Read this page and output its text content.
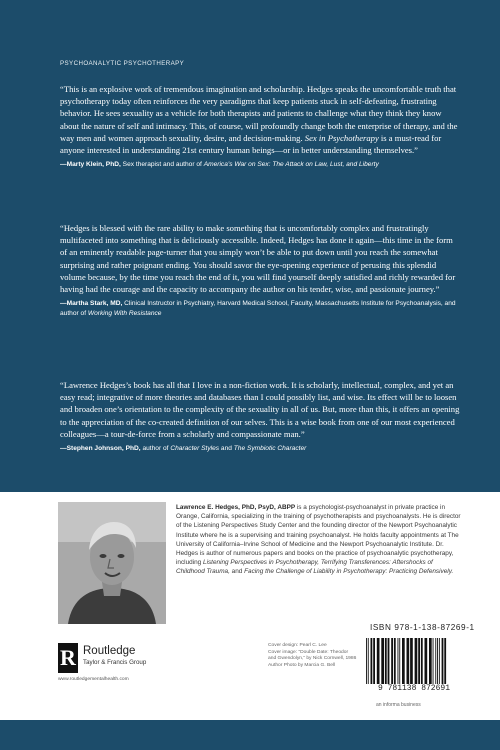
PSYCHOANALYTIC PSYCHOTHERAPY

“This is an explosive work of tremendous imagination and scholarship. Hedges speaks the uncomfortable truth that psychotherapy today often reinforces the very paradigms that keep patients stuck in self-defeating, frustrating behavior. He sees sexuality as a vehicle for both therapists and patients to challenge what they think they know about the nature of self and intimacy. This, of course, will profoundly change both the enterprise of therapy, and the way men and women approach sexuality, desire, and decision-making. Sex in Psychotherapy is a must-read for anyone interested in understanding 21st century human beings—or in better understanding themselves.”

—Marty Klein, PhD, Sex therapist and author of America’s War on Sex: The Attack on Law, Lust, and Liberty

“Hedges is blessed with the rare ability to make something that is uncomfortably complex and frustratingly multifaceted into something that is deliciously accessible. Indeed, Hedges has done it again—this time in the form of an eminently readable page-turner that you simply won’t be able to put down until you reach the somewhat surprising and rather poignant ending. You should savor the eye-opening experience of perusing this splendid volume because, by the time you reach the end of it, you will find yourself deeply satisfied and richly rewarded for having had the courage and the capacity to accompany the author on his tender, wise, and passionate journey.”

—Martha Stark, MD, Clinical Instructor in Psychiatry, Harvard Medical School, Faculty, Massachusetts Institute for Psychoanalysis, and author of Working With Resistance

“Lawrence Hedges’s book has all that I love in a non-fiction work. It is scholarly, intellectual, complex, and yet an easy read; integrative of more theories and databases than I could possibly list, and wise. Its effect will be to loosen and broaden one’s orientation to the complexity of the sexuality in all of us. But, more than this, it offers an opening to the appreciation of the co-created definition of our selves. This is a wise book from one of our most experienced colleagues—a tour-de-force from a scholarly and compassionate man.”

—Stephen Johnson, PhD, author of Character Styles and The Symbiotic Character

Lawrence E. Hedges, PhD, PsyD, ABPP is a psychologist-psychoanalyst in private practice in Orange, California, specializing in the training of psychotherapists and psychoanalysts. He is director of the Listening Perspectives Study Center and the founding director of the Newport Psychoanalytic Institute where he is a supervising and training psychoanalyst. He holds faculty appointments at The University of California–Irvine School of Medicine and the Newport Psychoanalytic Institute. Dr. Hedges is author of numerous papers and books on the practice of psychoanalytic psychotherapy, including Listening Perspectives in Psychotherapy, Terrifying Transferences: Aftershocks of Childhood Trauma, and Facing the Challenge of Liability in Psychotherapy: Practicing Defensively.

R Routledge
Taylor & Francis Group
www.routledgementalhealth.com
Cover design: Pearl C. Lee
Cover image: “Double Date: Theodor
and Gwendolyn,” by Nick Cornwell, 1986
Author Photo by Marcia G. Bell
ISBN 978-1-138-87269-1
9 781138 872691
an informa business
